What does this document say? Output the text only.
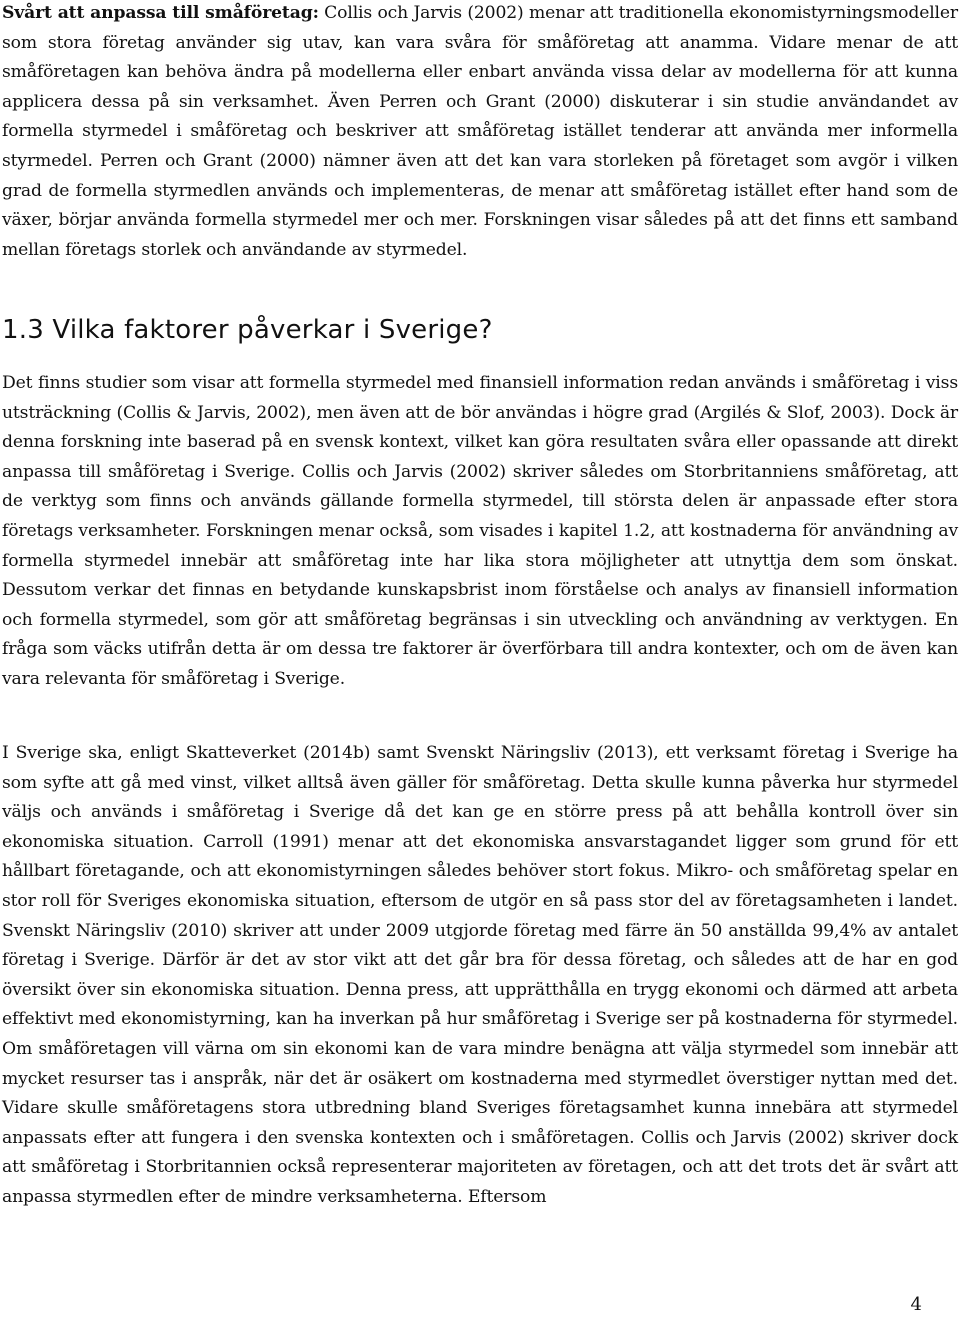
Svårt att anpassa till småföretag: Collis och Jarvis (2002) menar att traditionella ekonomistyrningsmodeller som stora företag använder sig utav, kan vara svåra för småföretag att anamma. Vidare menar de att småföretagen kan behöva ändra på modellerna eller enbart använda vissa delar av modellerna för att kunna applicera dessa på sin verksamhet. Även Perren och Grant (2000) diskuterar i sin studie användandet av formella styrmedel i småföretag och beskriver att småföretag istället tenderar att använda mer informella styrmedel. Perren och Grant (2000) nämner även att det kan vara storleken på företaget som avgör i vilken grad de formella styrmedlen används och implementeras, de menar att småföretag istället efter hand som de växer, börjar använda formella styrmedel mer och mer. Forskningen visar således på att det finns ett samband mellan företags storlek och användande av styrmedel.

1.3 Vilka faktorer påverkar i Sverige?

Det finns studier som visar att formella styrmedel med finansiell information redan används i småföretag i viss utsträckning (Collis & Jarvis, 2002), men även att de bör användas i högre grad (Argilés & Slof, 2003). Dock är denna forskning inte baserad på en svensk kontext, vilket kan göra resultaten svåra eller opassande att direkt anpassa till småföretag i Sverige. Collis och Jarvis (2002) skriver således om Storbritanniens småföretag, att de verktyg som finns och används gällande formella styrmedel, till största delen är anpassade efter stora företags verksamheter. Forskningen menar också, som visades i kapitel 1.2, att kostnaderna för användning av formella styrmedel innebär att småföretag inte har lika stora möjligheter att utnyttja dem som önskat. Dessutom verkar det finnas en betydande kunskapsbrist inom förståelse och analys av finansiell information och formella styrmedel, som gör att småföretag begränsas i sin utveckling och användning av verktygen. En fråga som väcks utifrån detta är om dessa tre faktorer är överförbara till andra kontexter, och om de även kan vara relevanta för småföretag i Sverige.

I Sverige ska, enligt Skatteverket (2014b) samt Svenskt Näringsliv (2013), ett verksamt företag i Sverige ha som syfte att gå med vinst, vilket alltså även gäller för småföretag. Detta skulle kunna påverka hur styrmedel väljs och används i småföretag i Sverige då det kan ge en större press på att behålla kontroll över sin ekonomiska situation. Carroll (1991) menar att det ekonomiska ansvarstagandet ligger som grund för ett hållbart företagande, och att ekonomistyrningen således behöver stort fokus. Mikro- och småföretag spelar en stor roll för Sveriges ekonomiska situation, eftersom de utgör en så pass stor del av företagsamheten i landet. Svenskt Näringsliv (2010) skriver att under 2009 utgjorde företag med färre än 50 anställda 99,4% av antalet företag i Sverige. Därför är det av stor vikt att det går bra för dessa företag, och således att de har en god översikt över sin ekonomiska situation. Denna press, att upprätthålla en trygg ekonomi och därmed att arbeta effektivt med ekonomistyrning, kan ha inverkan på hur småföretag i Sverige ser på kostnaderna för styrmedel. Om småföretagen vill värna om sin ekonomi kan de vara mindre benägna att välja styrmedel som innebär att mycket resurser tas i anspråk, när det är osäkert om kostnaderna med styrmedlet överstiger nyttan med det. Vidare skulle småföretagens stora utbredning bland Sveriges företagsamhet kunna innebära att styrmedel anpassats efter att fungera i den svenska kontexten och i småföretagen. Collis och Jarvis (2002) skriver dock att småföretag i Storbritannien också representerar majoriteten av företagen, och att det trots det är svårt att anpassa styrmedlen efter de mindre verksamheterna. Eftersom

4
